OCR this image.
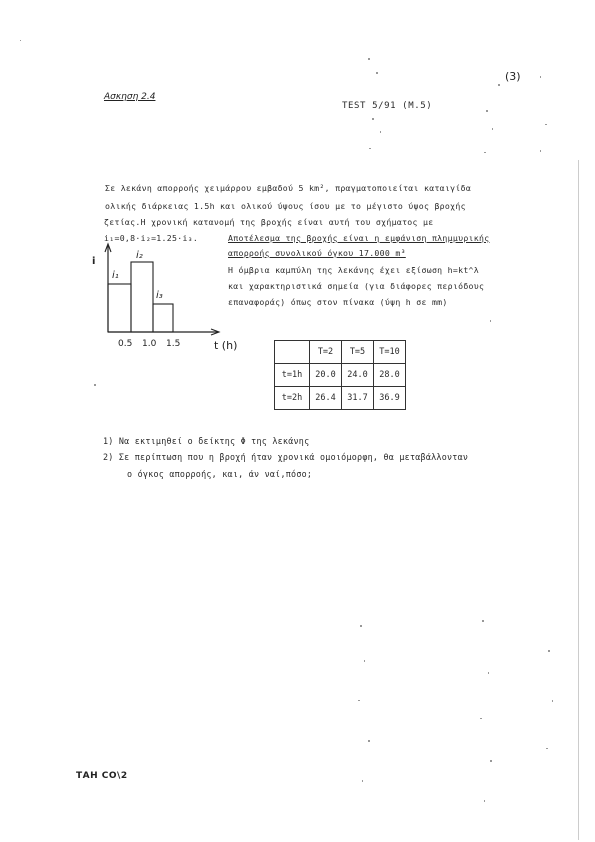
Ασκηση 2.4
TEST 5/91 (M.5)
(3)
Σε λεκάνη απορροής χειμάρρου εμβαδού 5 km², πραγματοποιείται καταιγίδα
ολικής διάρκειας 1.5h και ολικού ύψους ίσου με το μέγιστο ύψος βροχής
ζετίας.Η χρονική κατανομή της βροχής είναι αυτή του σχήματος με
i₁=0,8·i₂=1.25·i₃.	Αποτέλεσμα της βροχής είναι η εμφάνιση πλημμυρικής
απορροής συνολικού όγκου 17.000 m³
Η όμβρια καμπύλη της λεκάνης έχει εξίσωση h=kt^λ
και χαρακτηριστικά σημεία (για διάφορες περιόδους
επαναφοράς) όπως στον πίνακα (ύψη h σε mm)
i
i₁
i₂
i₃
0.5 1.0 1.5	t (h)
		T=2	T=5	T=10
t=1h	20.0	24.0	28.0
t=2h	26.4	31.7	36.9
1) Να εκτιμηθεί ο δείκτης Φ της λεκάνης
2) Σε περίπτωση που η βροχή ήταν χρονικά ομοιόμορφη, θα μεταβάλλονταν
ο όγκος απορροής, και, άν ναί,πόσο;
ΤΑΗ CO\2
